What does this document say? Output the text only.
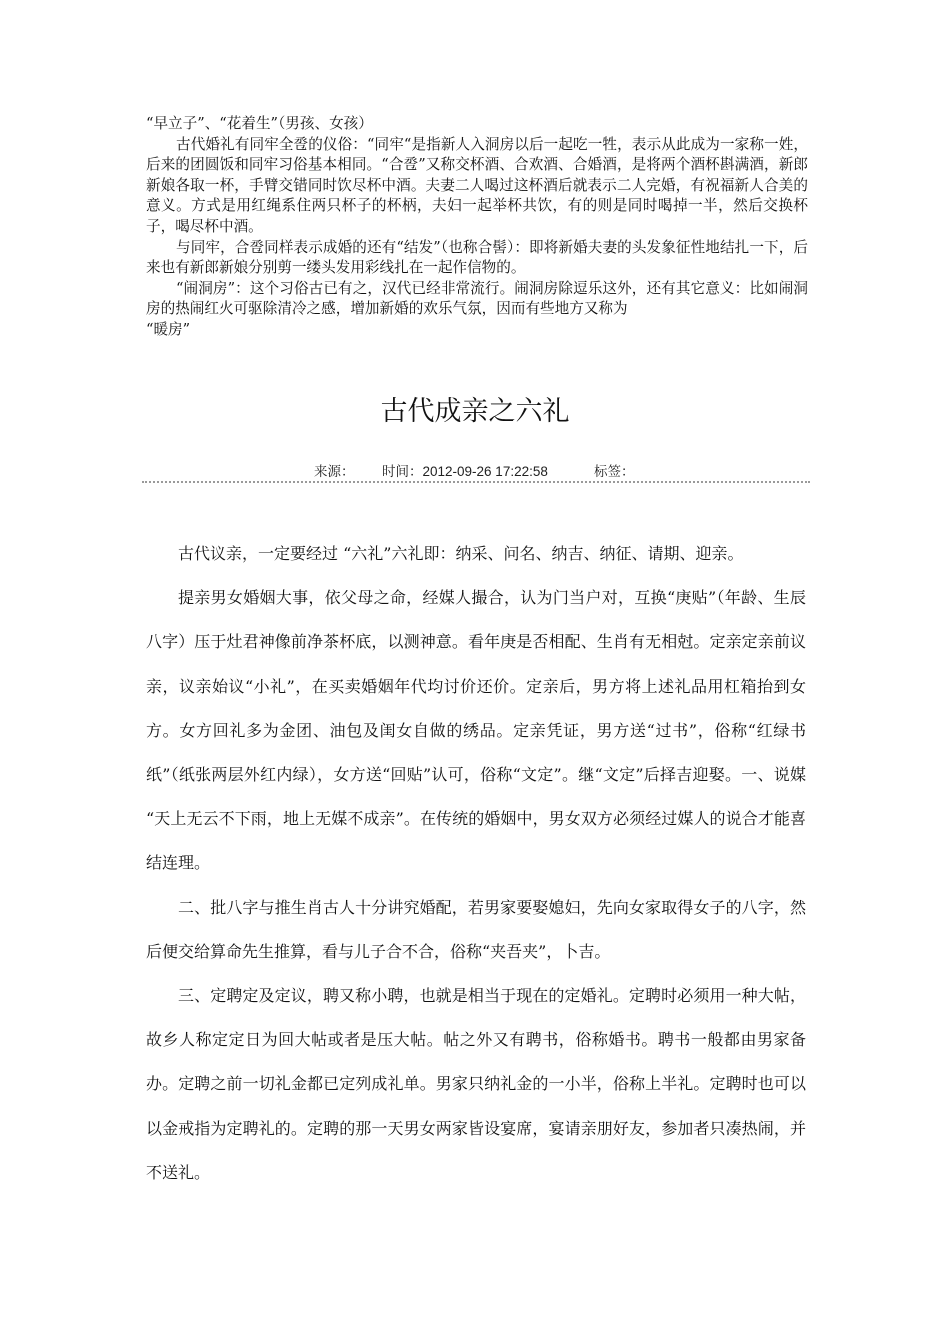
“早立子”、“花着生”（男孩、女孩）

古代婚礼有同牢全卺的仪俗：“同牢“是指新人入洞房以后一起吃一牲，表示从此成为一家称一姓，后来的团圆饭和同牢习俗基本相同。“合卺”又称交杯酒、合欢酒、合婚酒，是将两个酒杯斟满酒，新郎新娘各取一杯，手臂交错同时饮尽杯中酒。夫妻二人喝过这杯酒后就表示二人完婚，有祝福新人合美的意义。方式是用红绳系住两只杯子的杯柄，夫妇一起举杯共饮，有的则是同时喝掉一半，然后交换杯子，喝尽杯中酒。

与同牢，合卺同样表示成婚的还有“结发”（也称合髻）：即将新婚夫妻的头发象征性地结扎一下，后来也有新郎新娘分别剪一缕头发用彩线扎在一起作信物的。

“闹洞房”：这个习俗古已有之，汉代已经非常流行。闹洞房除逗乐这外，还有其它意义：比如闹洞房的热闹红火可驱除清冷之感，增加新婚的欢乐气氛，因而有些地方又称为

“暖房”

古代成亲之六礼
来源： 时间：2012-09-26 17:22:58	标签：

古代议亲，一定要经过 “六礼”六礼即：纳采、问名、纳吉、纳征、请期、迎亲。

提亲男女婚姻大事，依父母之命，经媒人撮合，认为门当户对，互换“庚贴”（年龄、生辰八字）压于灶君神像前净茶杯底，以测神意。看年庚是否相配、生肖有无相尅。定亲定亲前议亲，议亲始议“小礼”，在买卖婚姻年代均讨价还价。定亲后，男方将上述礼品用杠箱抬到女方。女方回礼多为金团、油包及闺女自做的绣品。定亲凭证，男方送“过书”，俗称“红绿书纸”（纸张两层外红内绿），女方送“回贴”认可，俗称“文定”。继“文定”后择吉迎娶。一、说媒 “天上无云不下雨，地上无媒不成亲”。在传统的婚姻中，男女双方必须经过媒人的说合才能喜结连理。

二、批八字与推生肖古人十分讲究婚配，若男家要娶媳妇，先向女家取得女子的八字，然后便交给算命先生推算，看与儿子合不合，俗称“夹吾夹”，卜吉。

三、定聘定及定议，聘又称小聘，也就是相当于现在的定婚礼。定聘时必须用一种大帖，故乡人称定定日为回大帖或者是压大帖。帖之外又有聘书，俗称婚书。聘书一般都由男家备办。定聘之前一切礼金都已定列成礼单。男家只纳礼金的一小半，俗称上半礼。定聘时也可以以金戒指为定聘礼的。定聘的那一天男女两家皆设宴席，宴请亲朋好友，参加者只凑热闹，并不送礼。
